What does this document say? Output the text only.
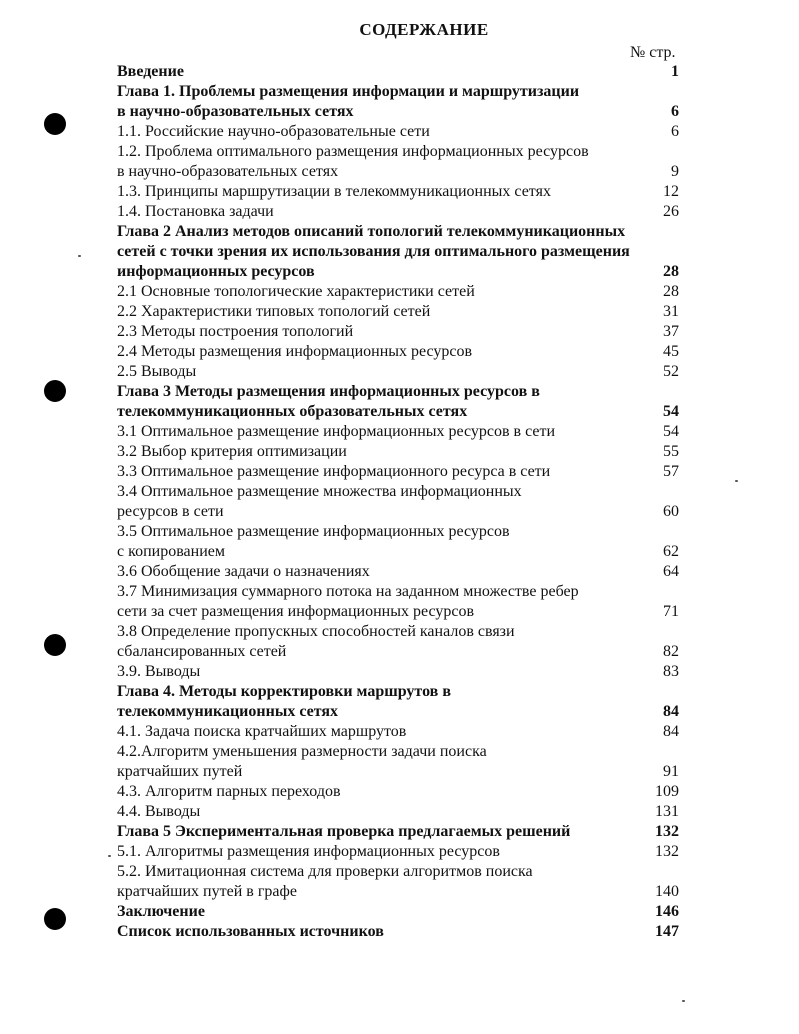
СОДЕРЖАНИЕ
№ стр.
Введение	1
Глава 1. Проблемы размещения информации и маршрутизации
в научно-образовательных сетях	6
1.1. Российские научно-образовательные сети	6
1.2. Проблема оптимального размещения информационных ресурсов
в научно-образовательных сетях	9
1.3. Принципы маршрутизации в телекоммуникационных сетях	12
1.4. Постановка задачи	26
Глава 2 Анализ методов описаний топологий телекоммуникационных
сетей с точки зрения их использования для оптимального размещения
информационных ресурсов	28
2.1 Основные топологические характеристики сетей	28
2.2 Характеристики типовых топологий сетей	31
2.3 Методы построения топологий	37
2.4 Методы размещения информационных ресурсов	45
2.5 Выводы	52
Глава 3 Методы размещения информационных ресурсов в
телекоммуникационных образовательных сетях	54
3.1 Оптимальное размещение информационных ресурсов в сети	54
3.2 Выбор критерия оптимизации	55
3.3 Оптимальное размещение информационного ресурса в сети	57
3.4 Оптимальное размещение множества информационных
ресурсов в сети	60
3.5 Оптимальное размещение информационных ресурсов
с копированием	62
3.6 Обобщение задачи о назначениях	64
3.7 Минимизация суммарного потока на заданном множестве ребер
сети за счет размещения информационных ресурсов	71
3.8 Определение пропускных способностей каналов связи
сбалансированных сетей	82
3.9. Выводы	83
Глава 4. Методы корректировки маршрутов в
телекоммуникационных сетях	84
4.1. Задача поиска кратчайших маршрутов	84
4.2.Алгоритм уменьшения размерности задачи поиска
кратчайших путей	91
4.3. Алгоритм парных переходов	109
4.4. Выводы	131
Глава 5 Экспериментальная проверка предлагаемых решений	132
5.1. Алгоритмы размещения информационных ресурсов	132
5.2. Имитационная система для проверки алгоритмов поиска
кратчайших путей в графе	140
Заключение	146
Список использованных источников	147
